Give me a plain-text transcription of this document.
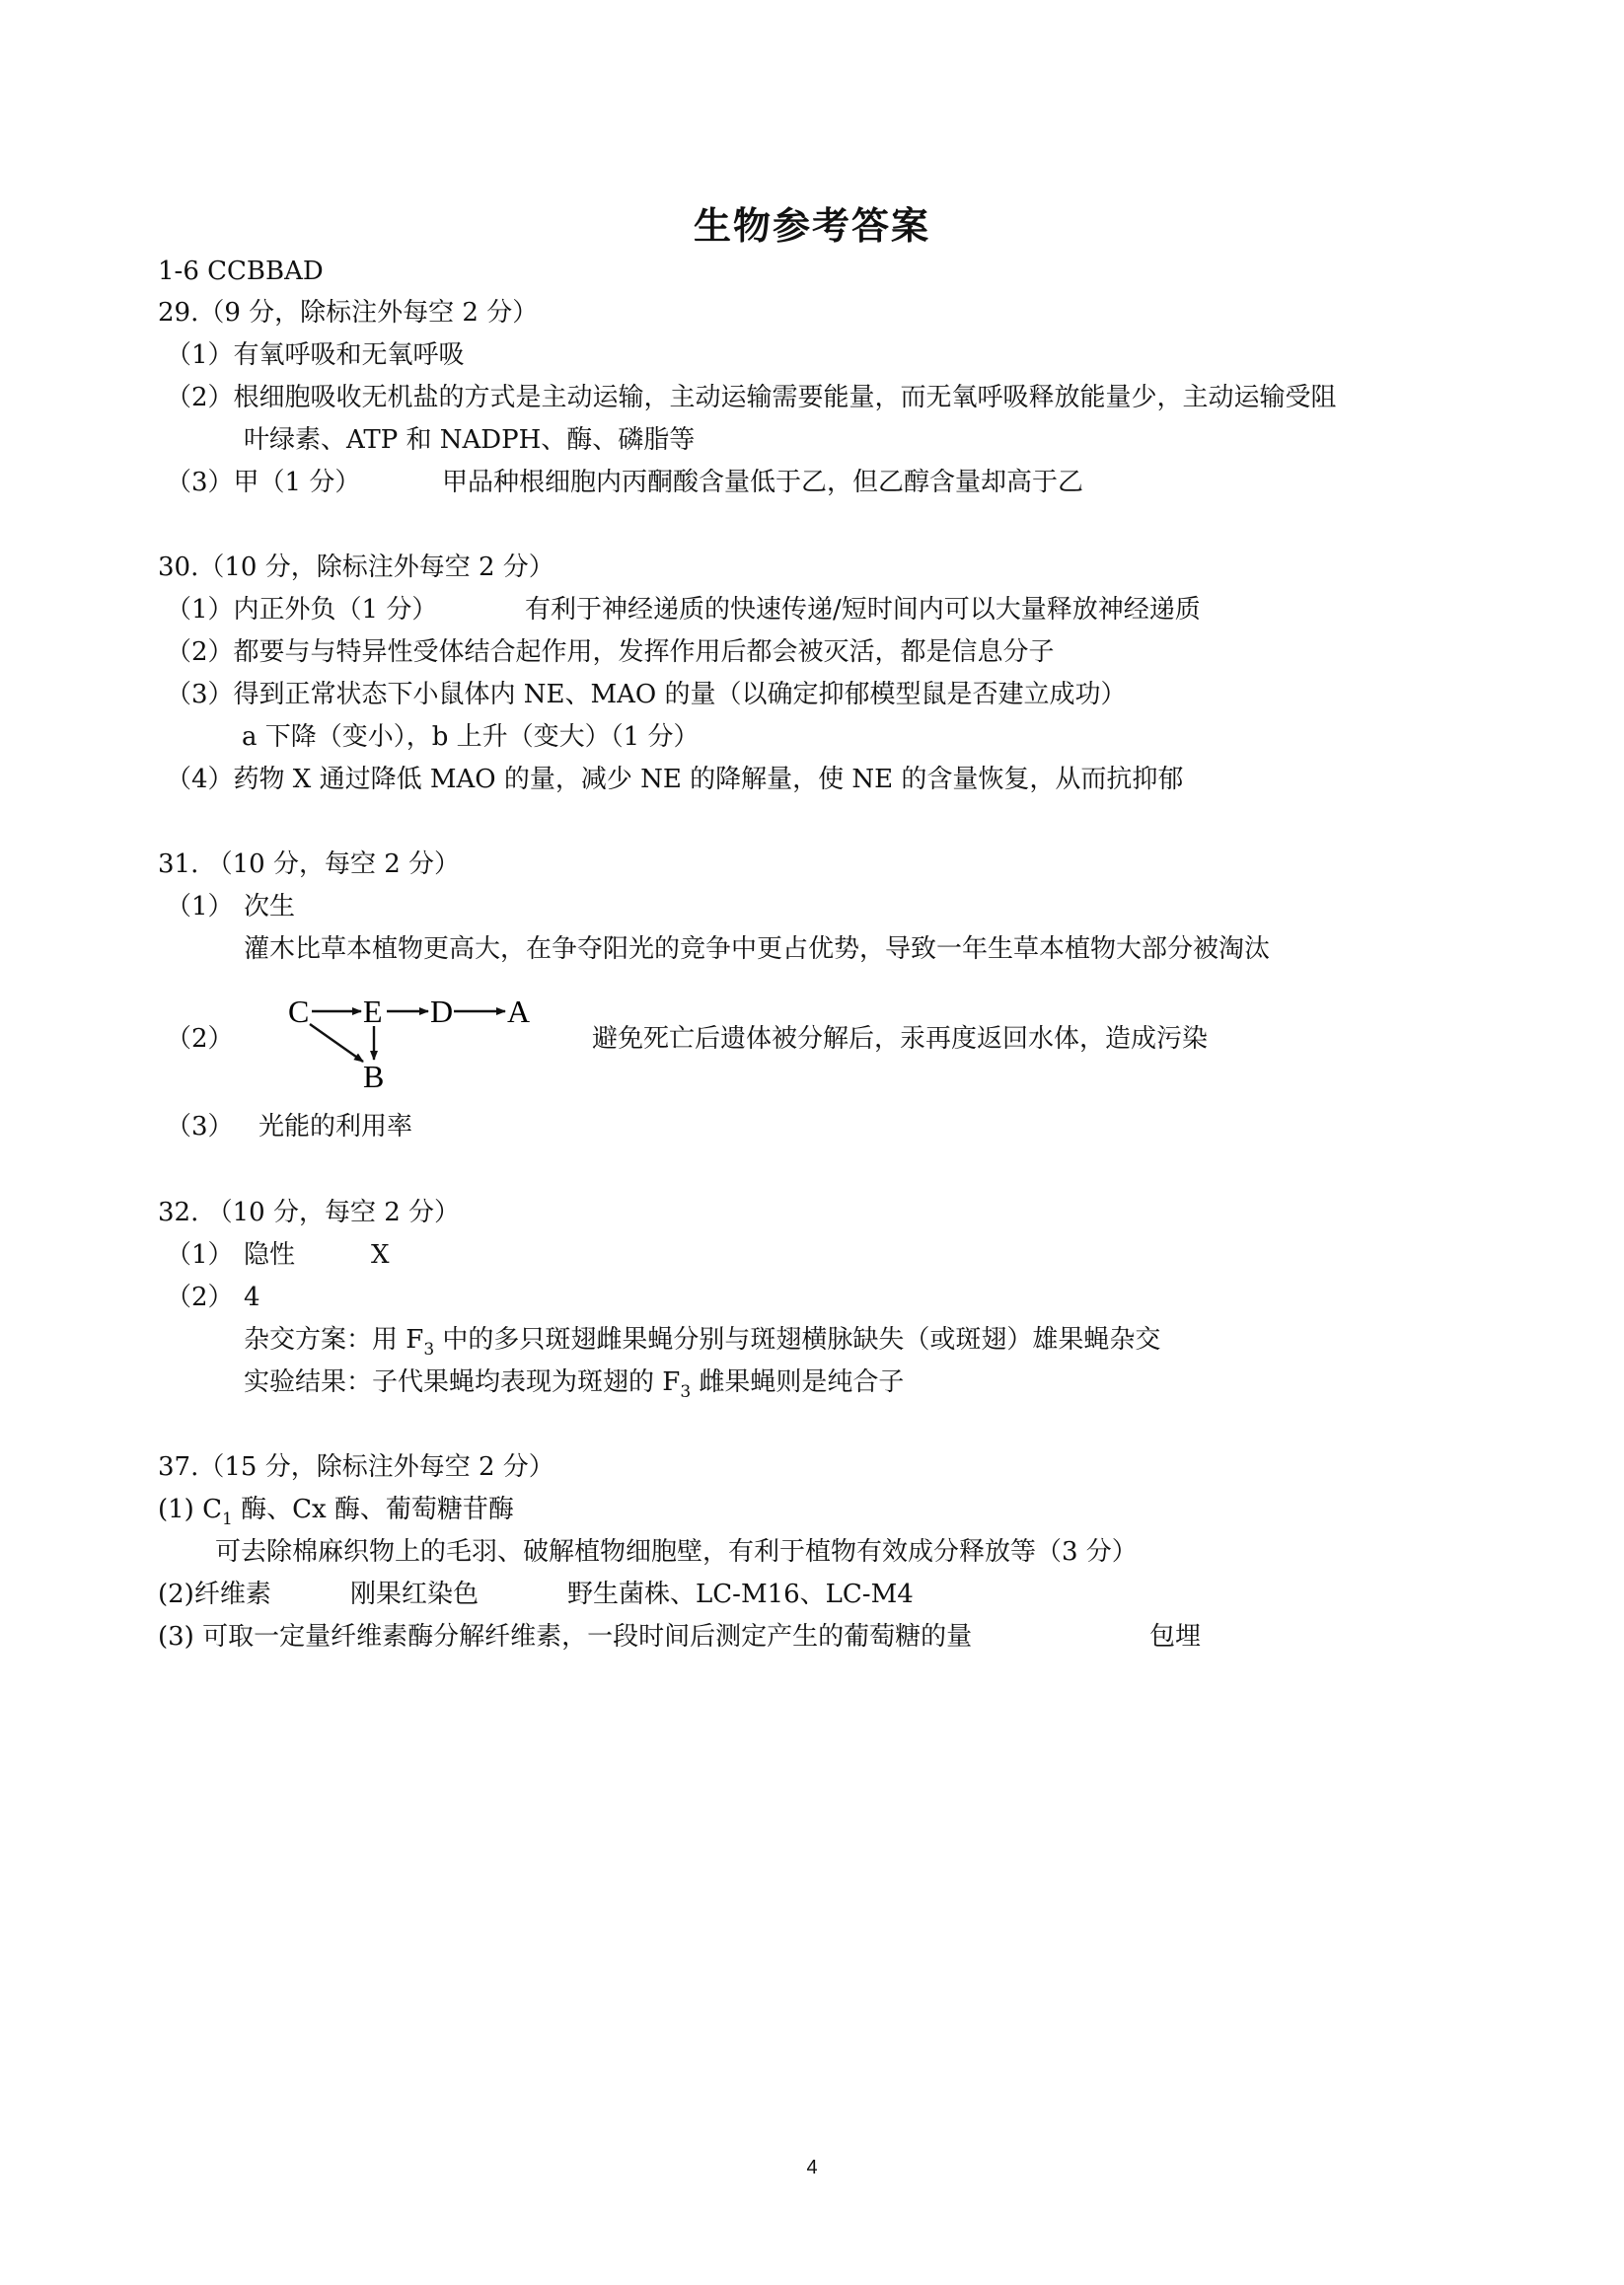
生物参考答案
1-6 CCBBAD
29.（9 分，除标注外每空 2 分）
（1）有氧呼吸和无氧呼吸
（2）根细胞吸收无机盐的方式是主动运输，主动运输需要能量，而无氧呼吸释放能量少，主动运输受阻
叶绿素、ATP 和 NADPH、酶、磷脂等
（3）甲（1 分）	甲品种根细胞内丙酮酸含量低于乙，但乙醇含量却高于乙
30.（10 分，除标注外每空 2 分）
（1）内正外负（1 分）	有利于神经递质的快速传递/短时间内可以大量释放神经递质
（2）都要与与特异性受体结合起作用，发挥作用后都会被灭活，都是信息分子
（3）得到正常状态下小鼠体内 NE、MAO 的量（以确定抑郁模型鼠是否建立成功）
a 下降（变小），b 上升（变大）（1 分）
（4）药物 X 通过降低 MAO 的量，减少 NE 的降解量，使 NE 的含量恢复，从而抗抑郁
31. （10 分，每空 2 分）
（1） 次生
灌木比草本植物更高大，在争夺阳光的竞争中更占优势，导致一年生草本植物大部分被淘汰
（2）
C E D A
B
避免死亡后遗体被分解后，汞再度返回水体，造成污染
（3） 光能的利用率
32. （10 分，每空 2 分）
（1） 隐性	X
（2） 4
杂交方案：用 $F_3$ 中的多只斑翅雌果蝇分别与斑翅横脉缺失（或斑翅）雄果蝇杂交
实验结果：子代果蝇均表现为斑翅的 $F_3$ 雌果蝇则是纯合子
37.（15 分，除标注外每空 2 分）
(1) $C_1$ 酶、Cx 酶、葡萄糖苷酶
可去除棉麻织物上的毛羽、破解植物细胞壁，有利于植物有效成分释放等（3 分）
(2)纤维素	刚果红染色	野生菌株、LC-M16、LC-M4
(3) 可取一定量纤维素酶分解纤维素，一段时间后测定产生的葡萄糖的量	包埋
4
